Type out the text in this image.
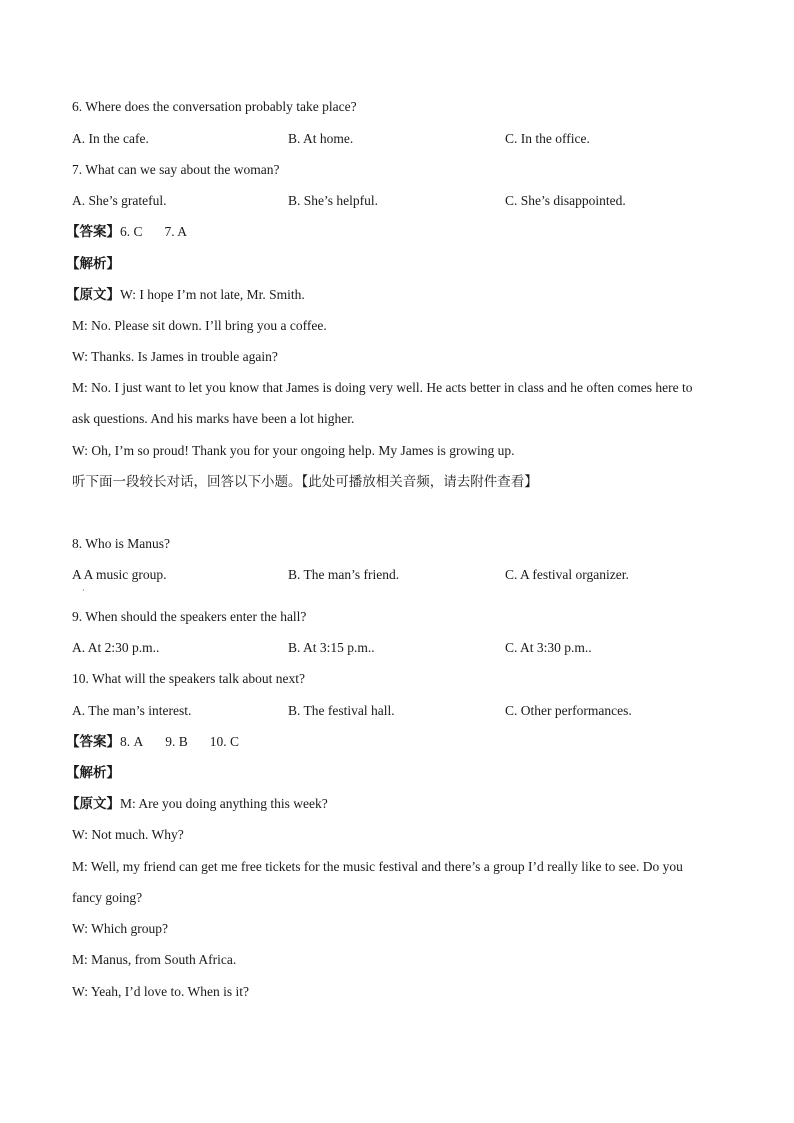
6. Where does the conversation probably take place?
A. In the cafe.	B. At home.	C. In the office.
7. What can we say about the woman?
A. She’s grateful.	B. She’s helpful.	C. She’s disappointed.
【答案】6. C 7. A
【解析】
【原文】W: I hope I’m not late, Mr. Smith.
M: No. Please sit down. I’ll bring you a coffee.
W: Thanks. Is James in trouble again?
M: No. I just want to let you know that James is doing very well. He acts better in class and he often comes here to
ask questions. And his marks have been a lot higher.
W: Oh, I’m so proud! Thank you for your ongoing help. My James is growing up.
听下面一段较长对话，回答以下小题。【此处可播放相关音频，请去附件查看】
8. Who is Manus?
A A music group.	B. The man’s friend.	C. A festival organizer.
·
9. When should the speakers enter the hall?
A. At 2:30 p.m..	B. At 3:15 p.m..	C. At 3:30 p.m..
10. What will the speakers talk about next?
A. The man’s interest.	B. The festival hall.	C. Other performances.
【答案】8. A 9. B 10. C
【解析】
【原文】M: Are you doing anything this week?
W: Not much. Why?
M: Well, my friend can get me free tickets for the music festival and there’s a group I’d really like to see. Do you
fancy going?
W: Which group?
M: Manus, from South Africa.
W: Yeah, I’d love to. When is it?
